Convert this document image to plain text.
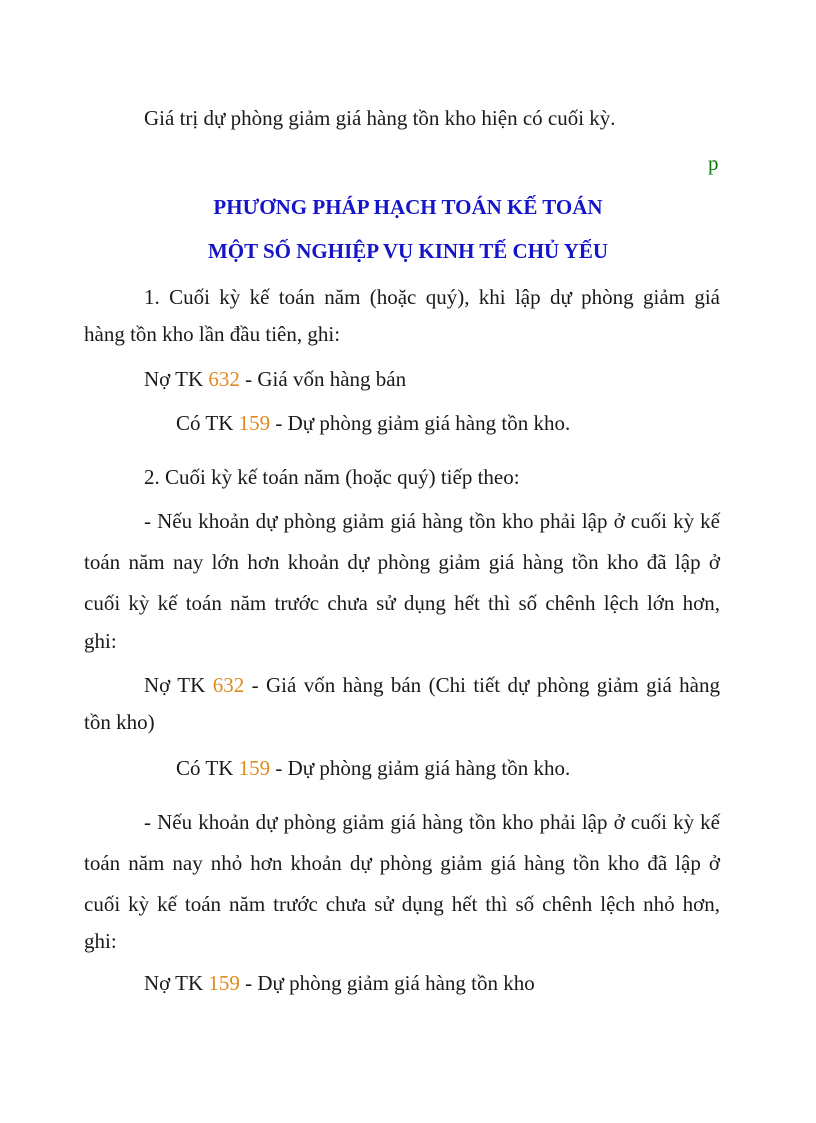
Giá trị dự phòng giảm giá hàng tồn kho hiện có cuối kỳ.
p
PHƯƠNG PHÁP HẠCH TOÁN KẾ TOÁN
MỘT SỐ NGHIỆP VỤ KINH TẾ CHỦ YẾU
1. Cuối kỳ kế toán năm (hoặc quý), khi lập dự phòng giảm giá
hàng tồn kho lần đầu tiên, ghi:
Nợ TK 632 - Giá vốn hàng bán
Có TK 159 - Dự phòng giảm giá hàng tồn kho.
2. Cuối kỳ kế toán năm (hoặc quý) tiếp theo:
- Nếu khoản dự phòng giảm giá hàng tồn kho phải lập ở cuối kỳ kế
toán năm nay lớn hơn khoản dự phòng giảm giá hàng tồn kho đã lập ở
cuối kỳ kế toán năm trước chưa sử dụng hết thì số chênh lệch lớn hơn,
ghi:
Nợ TK 632 - Giá vốn hàng bán (Chi tiết dự phòng giảm giá hàng
tồn kho)
Có TK 159 - Dự phòng giảm giá hàng tồn kho.
- Nếu khoản dự phòng giảm giá hàng tồn kho phải lập ở cuối kỳ kế
toán năm nay nhỏ hơn khoản dự phòng giảm giá hàng tồn kho đã lập ở
cuối kỳ kế toán năm trước chưa sử dụng hết thì số chênh lệch nhỏ hơn,
ghi:
Nợ TK 159 - Dự phòng giảm giá hàng tồn kho
